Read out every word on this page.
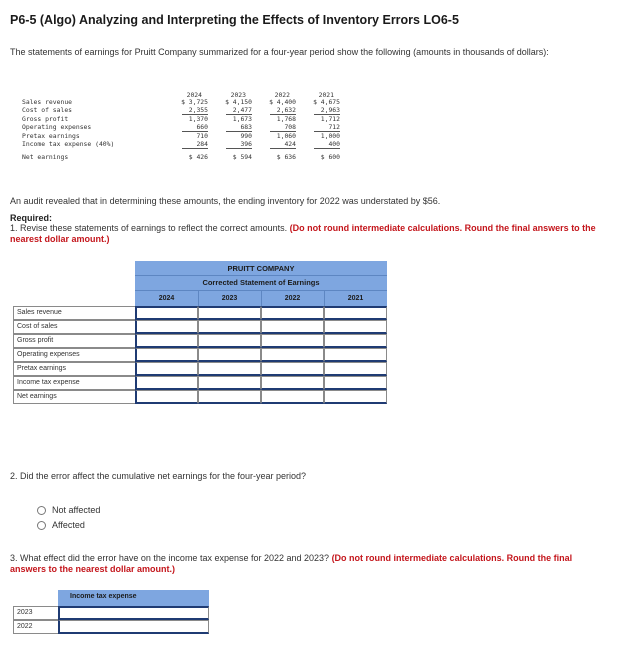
P6-5 (Algo) Analyzing and Interpreting the Effects of Inventory Errors LO6-5
The statements of earnings for Pruitt Company summarized for a four-year period show the following (amounts in thousands of dollars):
2024	2023	2022	2021
Sales revenue	$ 3,725	$ 4,150	$ 4,400	$ 4,675
Cost of sales	2,355	2,477	2,632	2,963
Gross profit	1,370	1,673	1,768	1,712
Operating expenses	660	683	708	712
Pretax earnings	710	990	1,060	1,000
Income tax expense (40%)	284	396	424	400
Net earnings	$ 426	$ 594	$ 636	$ 600
An audit revealed that in determining these amounts, the ending inventory for 2022 was understated by $56.
Required:
1. Revise these statements of earnings to reflect the correct amounts. (Do not round intermediate calculations. Round the final answers to the nearest dollar amount.)
PRUITT COMPANY
Corrected Statement of Earnings
2024	2023	2022	2021
Sales revenue
Cost of sales
Gross profit
Operating expenses
Pretax earnings
Income tax expense
Net earnings
2. Did the error affect the cumulative net earnings for the four-year period?
Not affected
Affected
3. What effect did the error have on the income tax expense for 2022 and 2023? (Do not round intermediate calculations. Round the final answers to the nearest dollar amount.)
Income tax expense
2023
2022
